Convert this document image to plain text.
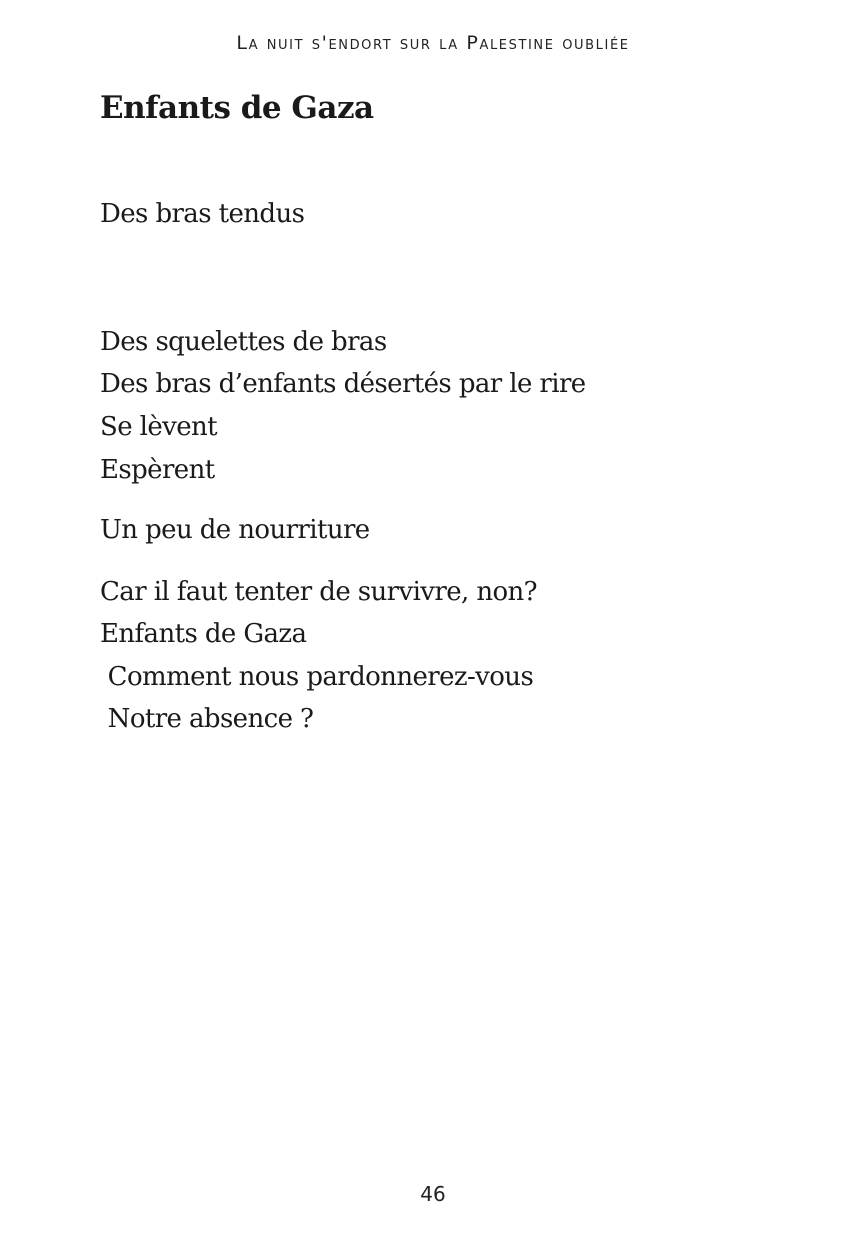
La nuit s'endort sur la Palestine oubliée
Enfants de Gaza

Des bras tendus

Des squelettes de bras

Des bras d’enfants désertés par le rire

Se lèvent

Espèrent

Un peu de nourriture

Car il faut tenter de survivre, non?

Enfants de Gaza

Comment nous pardonnerez-vous

Notre absence ?

46
